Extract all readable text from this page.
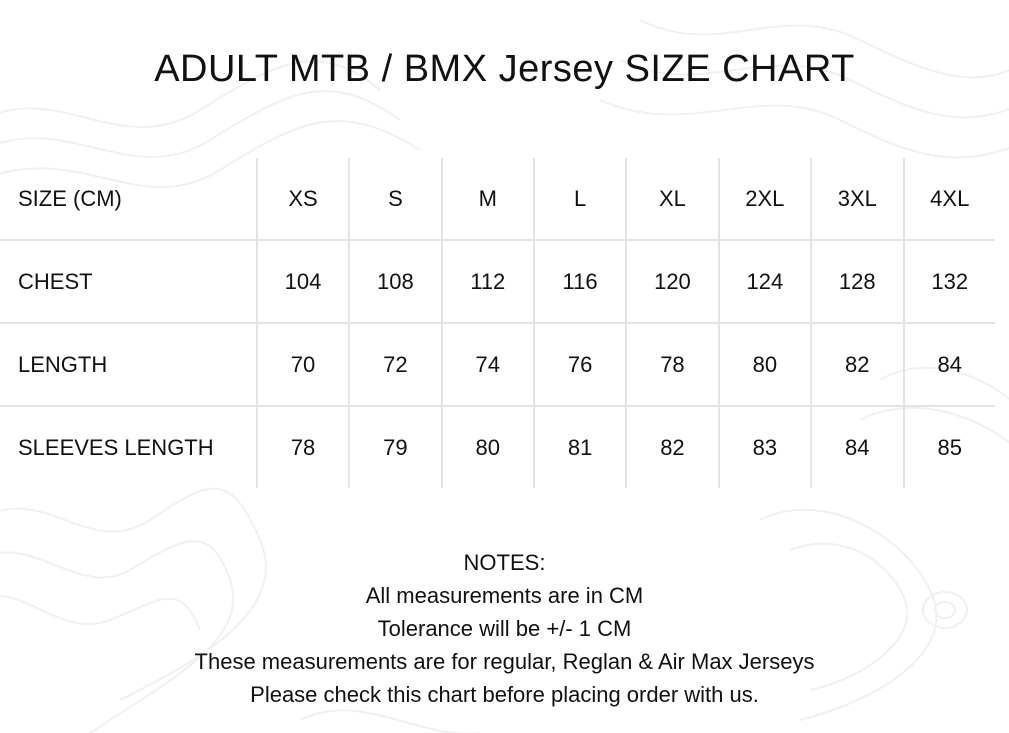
ADULT MTB / BMX Jersey SIZE CHART
SIZE (CM)	XS	S	M	L	XL	2XL	3XL	4XL
CHEST	104	108	112	116	120	124	128	132
LENGTH	70	72	74	76	78	80	82	84
SLEEVES LENGTH	78	79	80	81	82	83	84	85
NOTES:
All measurements are in CM
Tolerance will be +/- 1 CM
These measurements are for regular, Reglan & Air Max Jerseys
Please check this chart before placing order with us.
